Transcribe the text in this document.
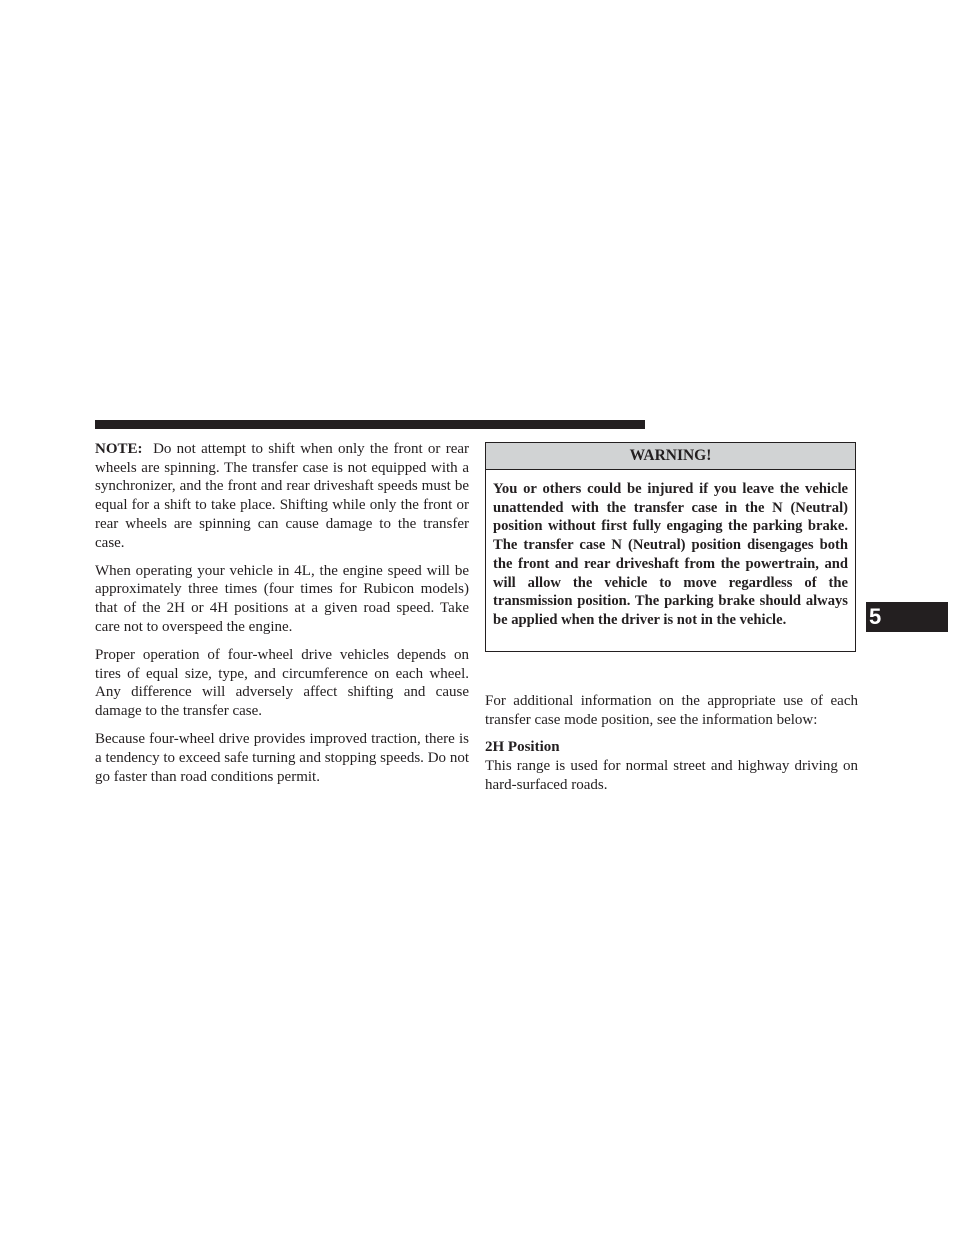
NOTE: Do not attempt to shift when only the front or rear wheels are spinning. The transfer case is not equipped with a synchronizer, and the front and rear driveshaft speeds must be equal for a shift to take place. Shifting while only the front or rear wheels are spinning can cause damage to the transfer case.

When operating your vehicle in 4L, the engine speed will be approximately three times (four times for Rubicon models) that of the 2H or 4H positions at a given road speed. Take care not to overspeed the engine.

Proper operation of four-wheel drive vehicles depends on tires of equal size, type, and circumference on each wheel. Any difference will adversely affect shifting and cause damage to the transfer case.

Because four-wheel drive provides improved traction, there is a tendency to exceed safe turning and stopping speeds. Do not go faster than road conditions permit.

WARNING!
You or others could be injured if you leave the vehicle unattended with the transfer case in the N (Neutral) position without first fully engaging the parking brake. The transfer case N (Neutral) position disengages both the front and rear driveshaft from the powertrain, and will allow the vehicle to move regardless of the transmission position. The parking brake should always be applied when the driver is not in the vehicle.

For additional information on the appropriate use of each transfer case mode position, see the information below:

2H Position

This range is used for normal street and highway driving on hard-surfaced roads.

5
